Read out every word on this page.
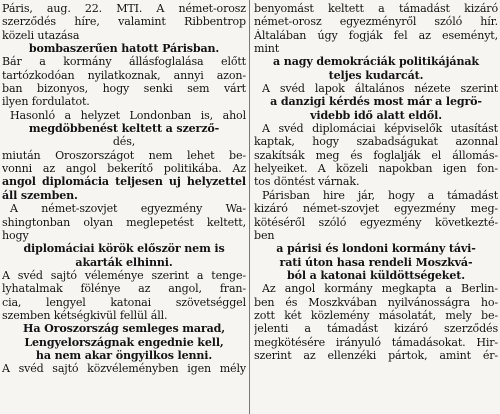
Páris, aug. 22. MTI. A német-orosz
szerződés híre, valamint Ribbentrop
közeli utazása
bombaszerűen hatott Párisban.
Bár a kormány állásfoglalása előtt
tartózkodóan nyilatkoznak, annyi azon-
ban bizonyos, hogy senki sem várt
ilyen fordulatot.
Hasonló a helyzet Londonban is, ahol
megdöbbenést keltett a szerző-
dés,
miután Oroszországot nem lehet be-
vonni az angol bekerítő politikába. Az
angol diplomácia teljesen uj helyzettel
áll szemben.
A német-szovjet egyezmény Wa-
shingtonban olyan meglepetést keltett,
hogy
diplomáciai körök először nem is
akarták elhinni.
A svéd sajtó véleménye szerint a tenge-
lyhatalmak fölénye az angol, fran-
cia, lengyel katonai szövetséggel
szemben kétségkivül fellül áll.
Ha Oroszország semleges marad,
Lengyelországnak engednie kell,
ha nem akar öngyilkos lenni.
A svéd sajtó közvéleményben igen mély
benyomást keltett a támadást kizáró
német-orosz egyezményről szóló hír.
Általában úgy fogják fel az eseményt,
mint
a nagy demokráciák politikájának
teljes kudarcát.
A svéd lapok általános nézete szerint
a danzigi kérdés most már a legrö-
videbb idő alatt eldől.
A svéd diplomáciai képviselők utasítást
kaptak, hogy szabadságukat azonnal
szakítsák meg és foglalják el állomás-
helyeiket. A közeli napokban igen fon-
tos döntést várnak.
Párisban hire jár, hogy a támadást
kizáró német-szovjet egyezmény meg-
kötéséről szóló egyezmény következté-
ben
a párisi és londoni kormány távi-
rati úton hasa rendeli Moszkvá-
ból a katonai küldöttségeket.
Az angol kormány megkapta a Berlin-
ben és Moszkvában nyilvánosságra ho-
zott két közlemény másolatát, mely be-
jelenti a támadást kizáró szerződés
megkötésére irányuló támadásokat. Hir-
szerint az ellenzéki pártok, amint ér-
